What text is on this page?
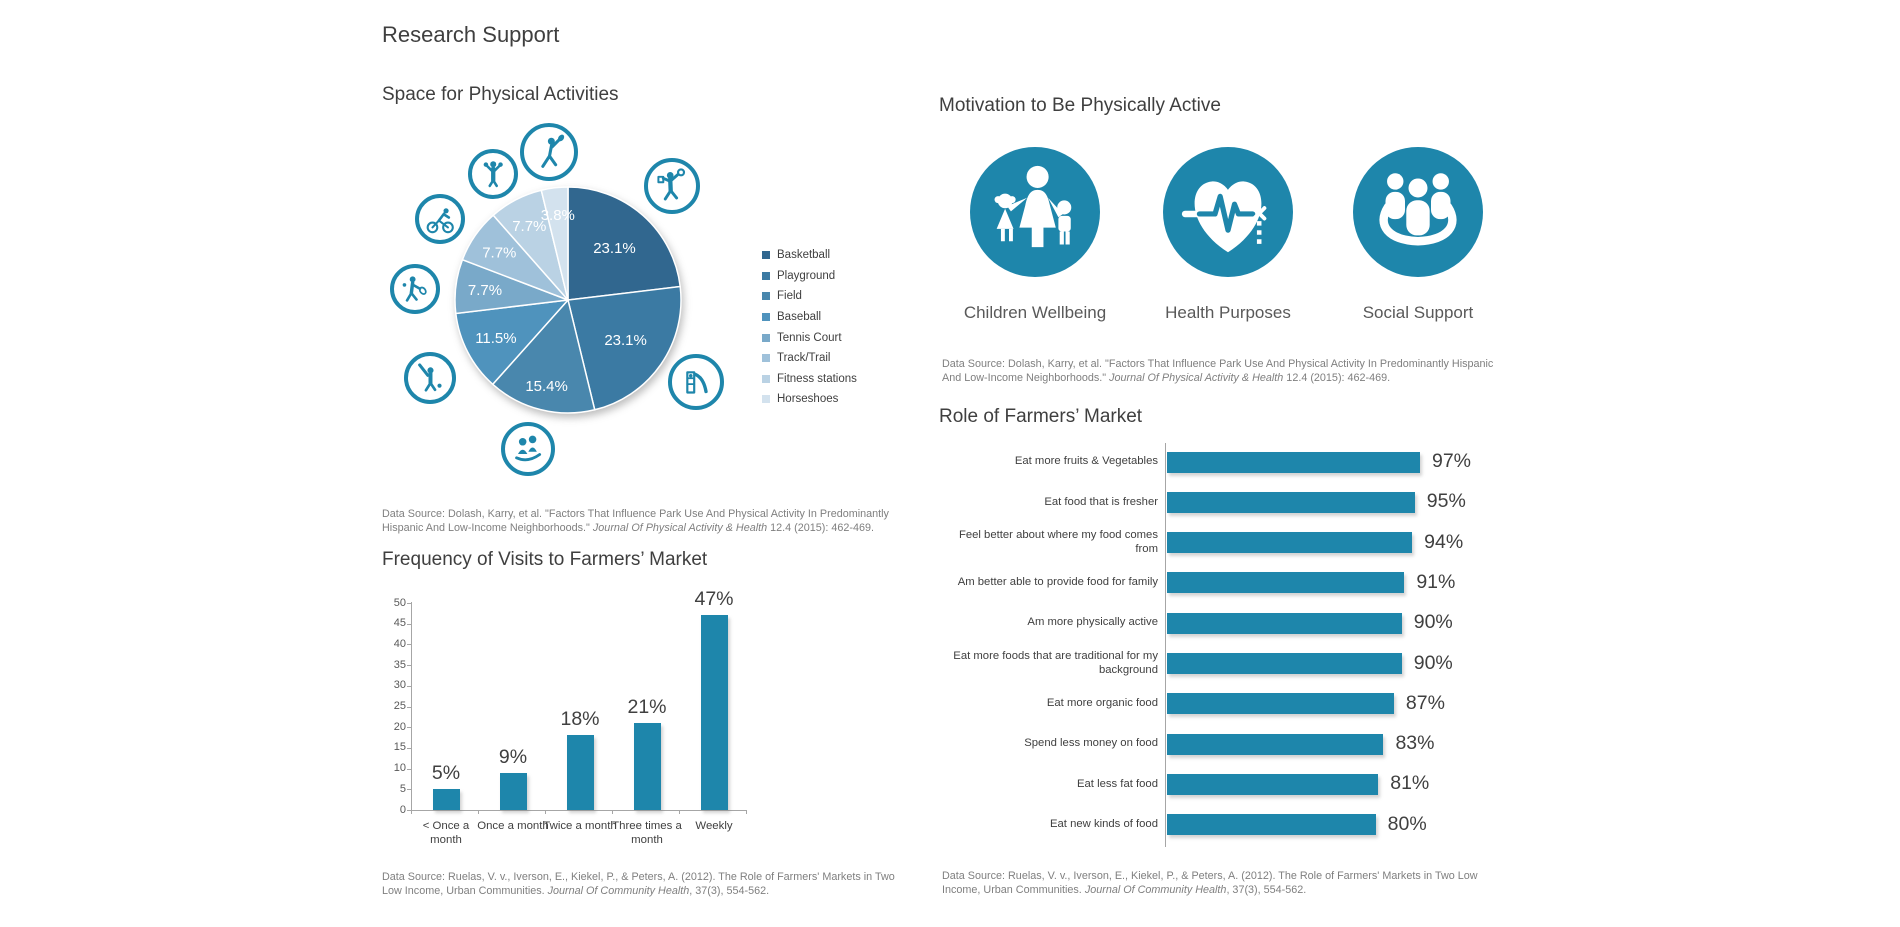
Research Support
Space for Physical Activities
23.1%
23.1%
15.4%
11.5%
7.7%
7.7%
7.7%
3.8%
Basketball
Playground
Field
Baseball
Tennis Court
Track/Trail
Fitness stations
Horseshoes
Data Source: Dolash, Karry, et al. "Factors That Influence Park Use And Physical Activity In Predominantly Hispanic And Low-Income Neighborhoods." Journal Of Physical Activity & Health 12.4 (2015): 462-469.
Frequency of Visits to Farmers’ Market
0
5
10
15
20
25
30
35
40
45
50
5%
< Once a month
9%
Once a month
18%
Twice a month
21%
Three times a month
47%
Weekly
Data Source: Ruelas, V. v., Iverson, E., Kiekel, P., & Peters, A. (2012). The Role of Farmers' Markets in Two Low Income, Urban Communities. Journal Of Community Health, 37(3), 554-562.
Motivation to Be Physically Active
Children Wellbeing	Health Purposes	Social Support
Data Source: Dolash, Karry, et al. "Factors That Influence Park Use And Physical Activity In Predominantly Hispanic And Low-Income Neighborhoods." Journal Of Physical Activity & Health 12.4 (2015): 462-469.
Role of Farmers’ Market
Eat more fruits & Vegetables	97%
Eat food that is fresher	95%
Feel better about where my food comes from	94%
Am better able to provide food for family	91%
Am more physically active	90%
Eat more foods that are traditional for my background	90%
Eat more organic food	87%
Spend less money on food	83%
Eat less fat food	81%
Eat new kinds of food	80%
Data Source: Ruelas, V. v., Iverson, E., Kiekel, P., & Peters, A. (2012). The Role of Farmers' Markets in Two Low Income, Urban Communities. Journal Of Community Health, 37(3), 554-562.
